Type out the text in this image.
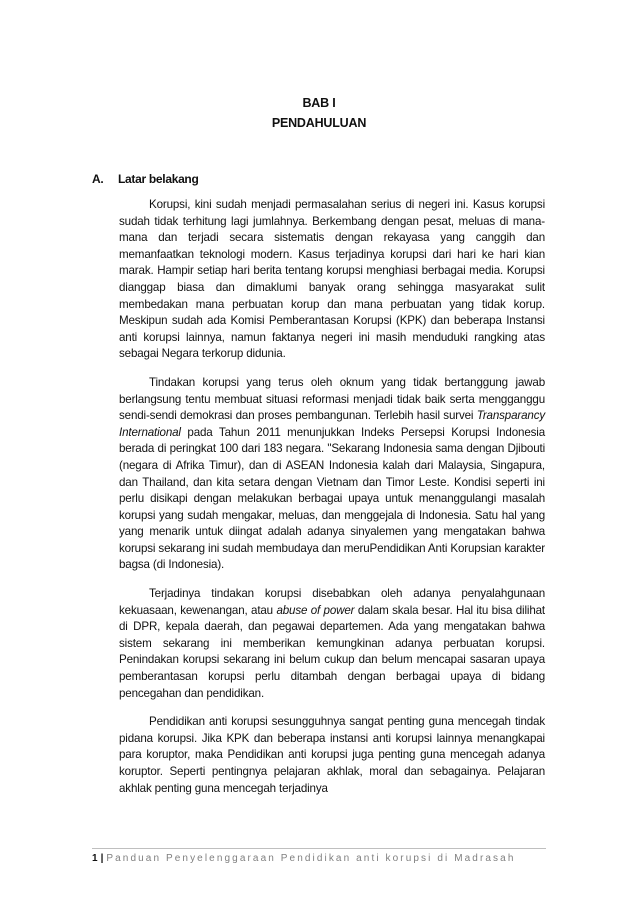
BAB I
PENDAHULUAN
A. Latar belakang

Korupsi, kini sudah menjadi permasalahan serius di negeri ini. Kasus korupsi sudah tidak terhitung lagi jumlahnya. Berkembang dengan pesat, meluas di mana-mana dan terjadi secara sistematis dengan rekayasa yang canggih dan memanfaatkan teknologi modern. Kasus terjadinya korupsi dari hari ke hari kian marak. Hampir setiap hari berita tentang korupsi menghiasi berbagai media. Korupsi dianggap biasa dan dimaklumi banyak orang sehingga masyarakat sulit membedakan mana perbuatan korup dan mana perbuatan yang tidak korup. Meskipun sudah ada Komisi Pemberantasan Korupsi (KPK) dan beberapa Instansi anti korupsi lainnya, namun faktanya negeri ini masih menduduki rangking atas sebagai Negara terkorup didunia.

Tindakan korupsi yang terus oleh oknum yang tidak bertanggung jawab berlangsung tentu membuat situasi reformasi menjadi tidak baik serta mengganggu sendi-sendi demokrasi dan proses pembangunan. Terlebih hasil survei Transparancy International pada Tahun 2011 menunjukkan Indeks Persepsi Korupsi Indonesia berada di peringkat 100 dari 183 negara. "Sekarang Indonesia sama dengan Djibouti (negara di Afrika Timur), dan di ASEAN Indonesia kalah dari Malaysia, Singapura, dan Thailand, dan kita setara dengan Vietnam dan Timor Leste. Kondisi seperti ini perlu disikapi dengan melakukan berbagai upaya untuk menanggulangi masalah korupsi yang sudah mengakar, meluas, dan menggejala di Indonesia. Satu hal yang yang menarik untuk diingat adalah adanya sinyalemen yang mengatakan bahwa korupsi sekarang ini sudah membudaya dan meruPendidikan Anti Korupsian karakter bagsa (di Indonesia).

Terjadinya tindakan korupsi disebabkan oleh adanya penyalahgunaan kekuasaan, kewenangan, atau abuse of power dalam skala besar. Hal itu bisa dilihat di DPR, kepala daerah, dan pegawai departemen. Ada yang mengatakan bahwa sistem sekarang ini memberikan kemungkinan adanya perbuatan korupsi. Penindakan korupsi sekarang ini belum cukup dan belum mencapai sasaran upaya pemberantasan korupsi perlu ditambah dengan berbagai upaya di bidang pencegahan dan pendidikan.

Pendidikan anti korupsi sesungguhnya sangat penting guna mencegah tindak pidana korupsi. Jika KPK dan beberapa instansi anti korupsi lainnya menangkapai para koruptor, maka Pendidikan anti korupsi juga penting guna mencegah adanya koruptor. Seperti pentingnya pelajaran akhlak, moral dan sebagainya. Pelajaran akhlak penting guna mencegah terjadinya

1 | Panduan Penyelenggaraan Pendidikan anti korupsi di Madrasah
